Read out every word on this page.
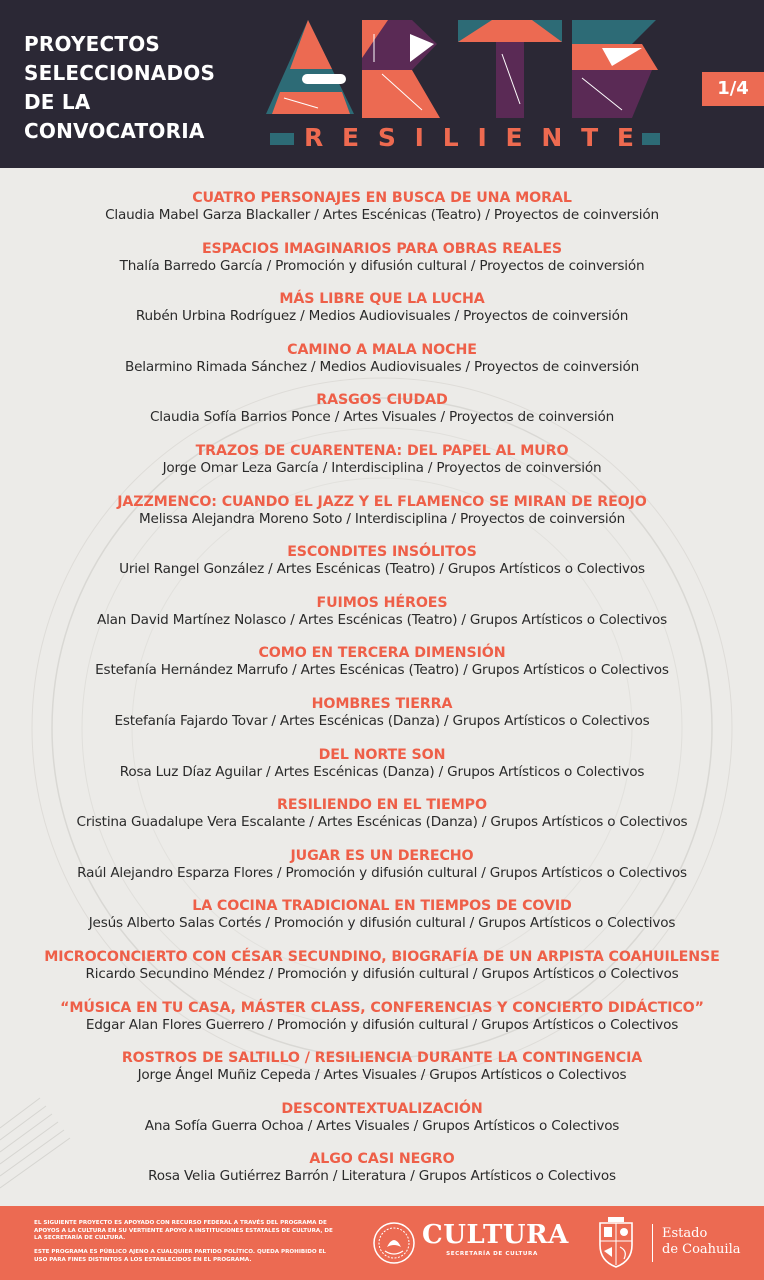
PROYECTOS
SELECCIONADOS
DE LA
CONVOCATORIA	R E S I L I E N T E
1/4
CUATRO PERSONAJES EN BUSCA DE UNA MORAL
Claudia Mabel Garza Blackaller / Artes Escénicas (Teatro) / Proyectos de coinversión
ESPACIOS IMAGINARIOS PARA OBRAS REALES
Thalía Barredo García / Promoción y difusión cultural / Proyectos de coinversión
MÁS LIBRE QUE LA LUCHA
Rubén Urbina Rodríguez / Medios Audiovisuales / Proyectos de coinversión
CAMINO A MALA NOCHE
Belarmino Rimada Sánchez / Medios Audiovisuales / Proyectos de coinversión
RASGOS CIUDAD
Claudia Sofía Barrios Ponce / Artes Visuales / Proyectos de coinversión
TRAZOS DE CUARENTENA: DEL PAPEL AL MURO
Jorge Omar Leza García / Interdisciplina / Proyectos de coinversión
JAZZMENCO: CUANDO EL JAZZ Y EL FLAMENCO SE MIRAN DE REOJO
Melissa Alejandra Moreno Soto / Interdisciplina / Proyectos de coinversión
ESCONDITES INSÓLITOS
Uriel Rangel González / Artes Escénicas (Teatro) / Grupos Artísticos o Colectivos
FUIMOS HÉROES
Alan David Martínez Nolasco / Artes Escénicas (Teatro) / Grupos Artísticos o Colectivos
COMO EN TERCERA DIMENSIÓN
Estefanía Hernández Marrufo / Artes Escénicas (Teatro) / Grupos Artísticos o Colectivos
HOMBRES TIERRA
Estefanía Fajardo Tovar / Artes Escénicas (Danza) / Grupos Artísticos o Colectivos
DEL NORTE SON
Rosa Luz Díaz Aguilar / Artes Escénicas (Danza) / Grupos Artísticos o Colectivos
RESILIENDO EN EL TIEMPO
Cristina Guadalupe Vera Escalante / Artes Escénicas (Danza) / Grupos Artísticos o Colectivos
JUGAR ES UN DERECHO
Raúl Alejandro Esparza Flores / Promoción y difusión cultural / Grupos Artísticos o Colectivos
LA COCINA TRADICIONAL EN TIEMPOS DE COVID
Jesús Alberto Salas Cortés / Promoción y difusión cultural / Grupos Artísticos o Colectivos
MICROCONCIERTO CON CÉSAR SECUNDINO, BIOGRAFÍA DE UN ARPISTA COAHUILENSE
Ricardo Secundino Méndez / Promoción y difusión cultural / Grupos Artísticos o Colectivos
“MÚSICA EN TU CASA, MÁSTER CLASS, CONFERENCIAS Y CONCIERTO DIDÁCTICO”
Edgar Alan Flores Guerrero / Promoción y difusión cultural / Grupos Artísticos o Colectivos
ROSTROS DE SALTILLO / RESILIENCIA DURANTE LA CONTINGENCIA
Jorge Ángel Muñiz Cepeda / Artes Visuales / Grupos Artísticos o Colectivos
DESCONTEXTUALIZACIÓN
Ana Sofía Guerra Ochoa / Artes Visuales / Grupos Artísticos o Colectivos
ALGO CASI NEGRO
Rosa Velia Gutiérrez Barrón / Literatura / Grupos Artísticos o Colectivos

EL SIGUIENTE PROYECTO ES APOYADO CON RECURSO FEDERAL A TRAVÉS DEL PROGRAMA DE APOYOS A LA CULTURA EN SU VERTIENTE APOYO A INSTITUCIONES ESTATALES DE CULTURA, DE LA SECRETARÍA DE CULTURA.

ESTE PROGRAMA ES PÚBLICO AJENO A CUALQUIER PARTIDO POLÍTICO. QUEDA PROHIBIDO EL USO PARA FINES DISTINTOS A LOS ESTABLECIDOS EN EL PROGRAMA.

CULTURA
SECRETARÍA DE CULTURA
Estado
de Coahuila
